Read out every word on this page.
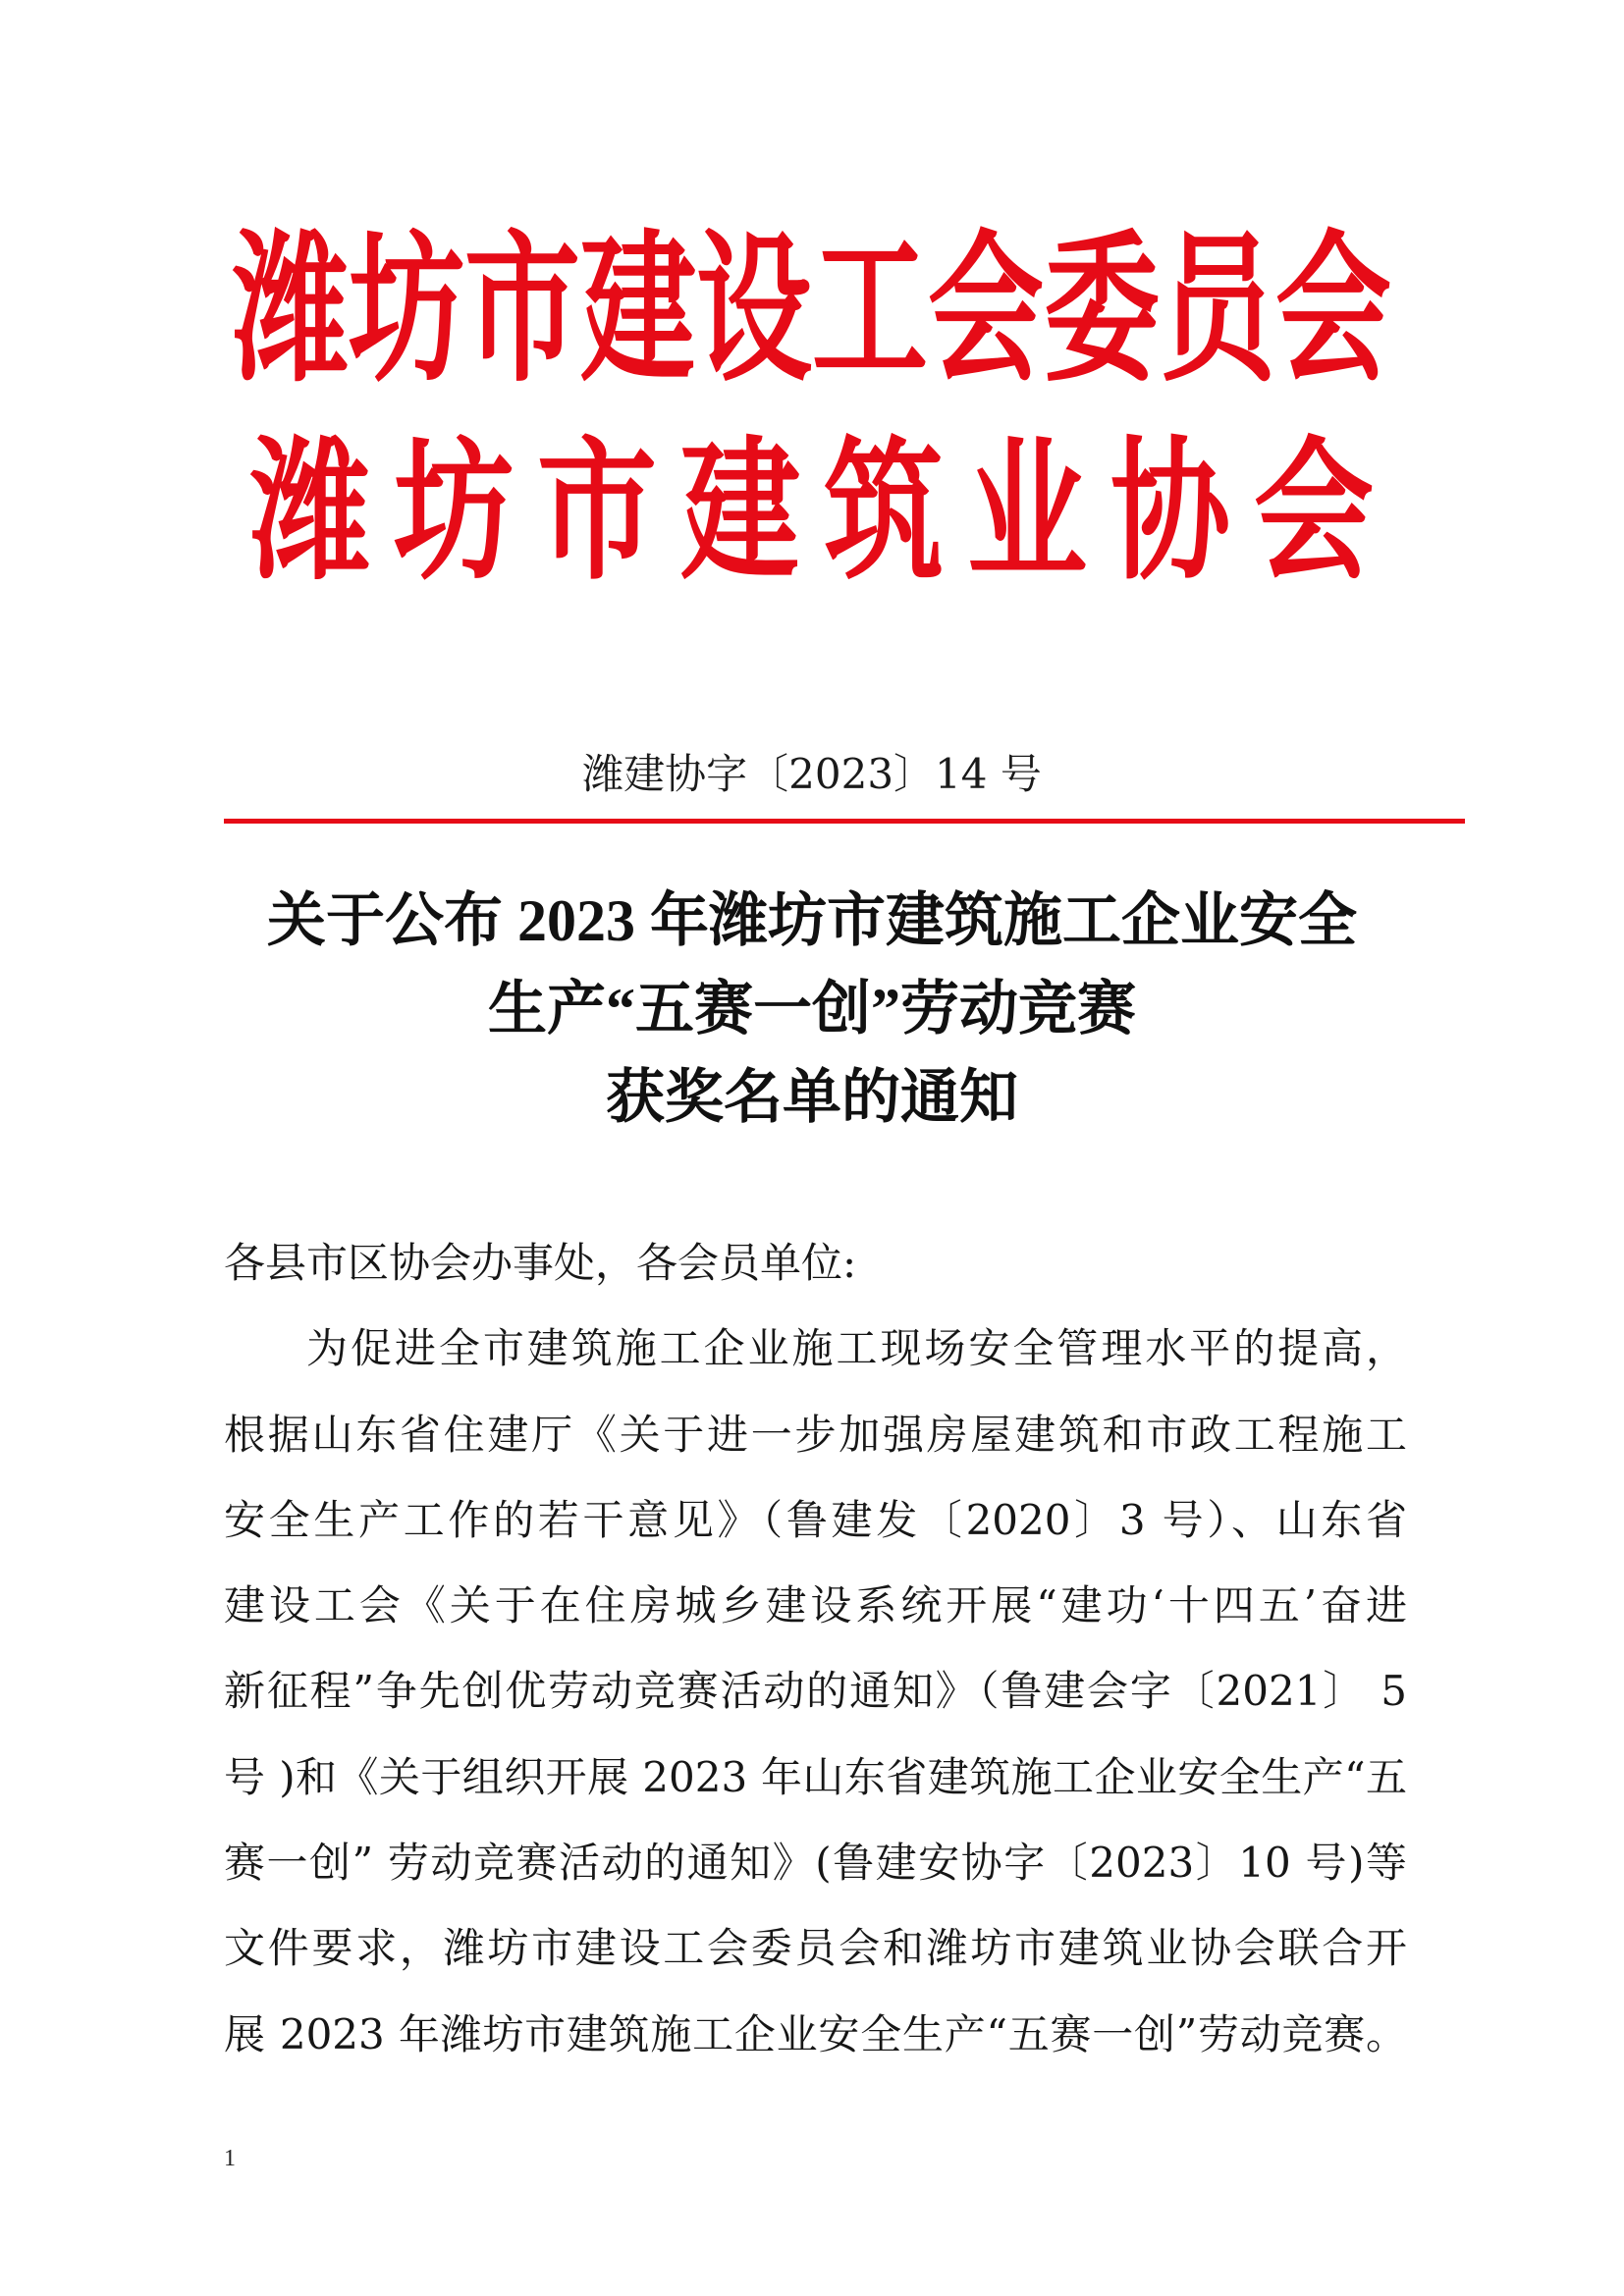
潍坊市建设工会委员会
潍坊市建筑业协会
潍建协字〔2023〕14 号
关于公布 2023 年潍坊市建筑施工企业安全
生产“五赛一创”劳动竞赛
获奖名单的通知
各县市区协会办事处，各会员单位:
为促进全市建筑施工企业施工现场安全管理水平的提高，
根据山东省住建厅《关于进一步加强房屋建筑和市政工程施工
安全生产工作的若干意见》（鲁建发〔2020〕3 号）、山东省
建设工会《关于在住房城乡建设系统开展“建功‘十四五’奋进
新征程”争先创优劳动竞赛活动的通知》（鲁建会字〔2021〕 5
号 )和《关于组织开展 2023 年山东省建筑施工企业安全生产“五
赛一创” 劳动竞赛活动的通知》(鲁建安协字〔2023〕10 号)等
文件要求，潍坊市建设工会委员会和潍坊市建筑业协会联合开
展 2023 年潍坊市建筑施工企业安全生产“五赛一创”劳动竞赛。
1
